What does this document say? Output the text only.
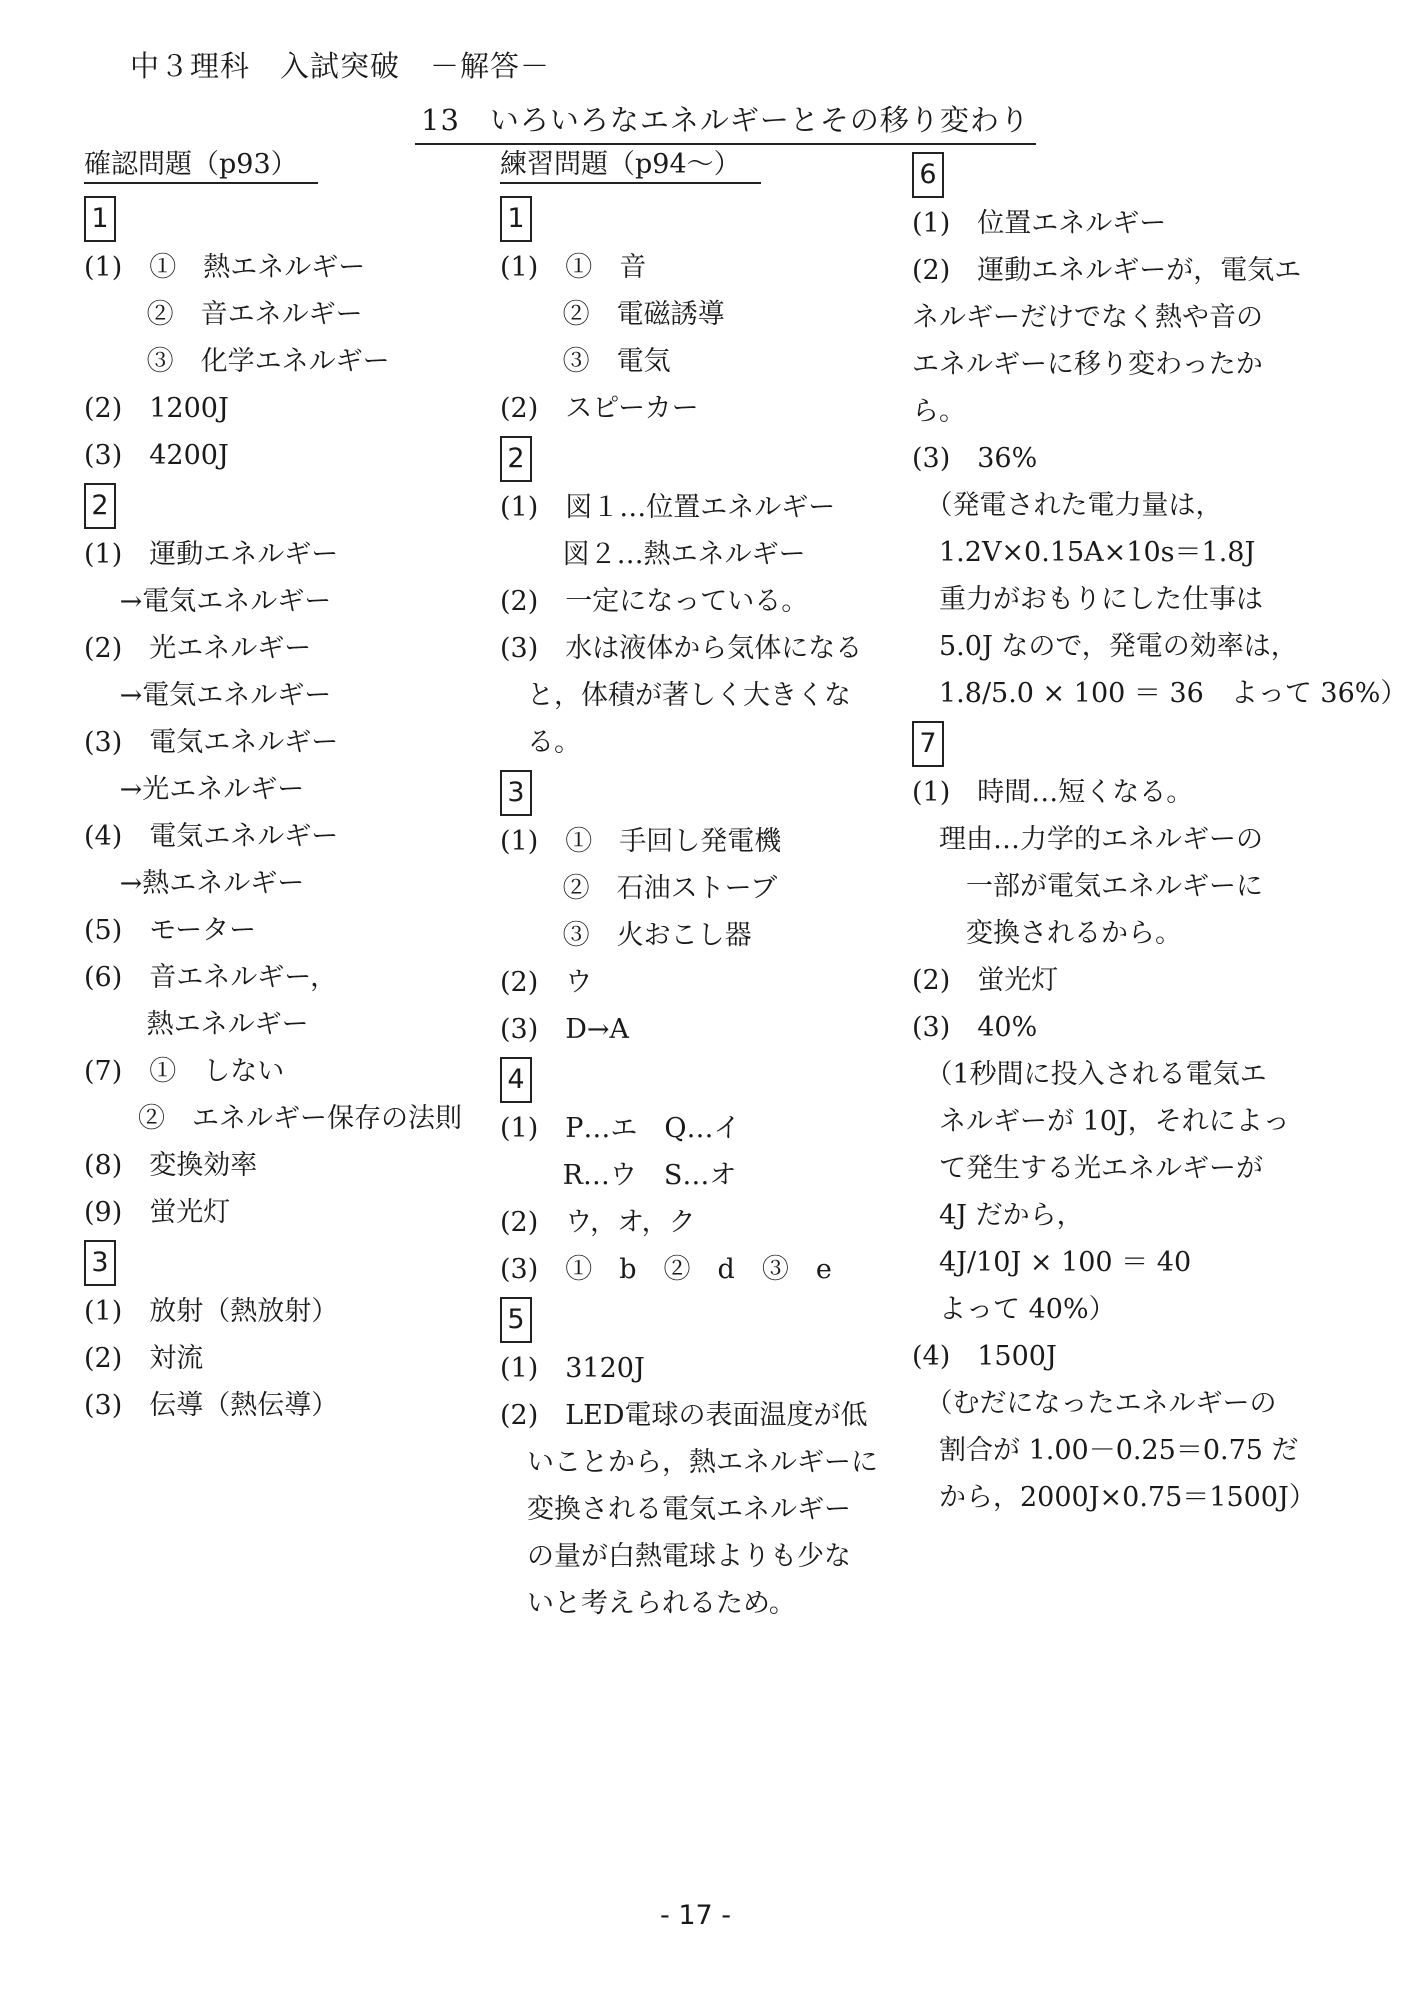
中３理科　入試突破　－解答－
13　いろいろなエネルギーとその移り変わり
確認問題（p93）
1
(1)　①　熱エネルギー
　　 ②　音エネルギー
　　 ③　化学エネルギー
(2)　1200J
(3)　4200J
2
(1)　運動エネルギー
　 →電気エネルギー
(2)　光エネルギー
　 →電気エネルギー
(3)　電気エネルギー
　 →光エネルギー
(4)　電気エネルギー
　 →熱エネルギー
(5)　モーター
(6)　音エネルギー，
　　 熱エネルギー
(7)　①　しない
　　②　エネルギー保存の法則
(8)　変換効率
(9)　蛍光灯
3
(1)　放射（熱放射）
(2)　対流
(3)　伝導（熱伝導）
練習問題（p94～）
1
(1)　①　音
　　 ②　電磁誘導
　　 ③　電気
(2)　スピーカー
2
(1)　図１…位置エネルギー
　　 図２…熱エネルギー
(2)　一定になっている。
(3)　水は液体から気体になる
　と，体積が著しく大きくな
　る。
3
(1)　①　手回し発電機
　　 ②　石油ストーブ
　　 ③　火おこし器
(2)　ウ
(3)　D→A
4
(1)　P…エ　Q…イ
　　 R…ウ　S…オ
(2)　ウ，オ，ク
(3)　①　b　②　d　③　e
5
(1)　3120J
(2)　LED電球の表面温度が低
　いことから，熱エネルギーに
　変換される電気エネルギー
　の量が白熱電球よりも少な
　いと考えられるため。
6
(1)　位置エネルギー
(2)　運動エネルギーが，電気エ
ネルギーだけでなく熱や音の
エネルギーに移り変わったか
ら。
(3)　36%
　（発電された電力量は，
　1.2V×0.15A×10s＝1.8J
　重力がおもりにした仕事は
　5.0J なので，発電の効率は，
　1.8/5.0 × 100 ＝ 36　よって 36%）
7
(1)　時間…短くなる。
　理由…力学的エネルギーの
　　一部が電気エネルギーに
　　変換されるから。
(2)　蛍光灯
(3)　40%
　（1秒間に投入される電気エ
　ネルギーが 10J，それによっ
　て発生する光エネルギーが
　4J だから，
　4J/10J × 100 ＝ 40
　よって 40%）
(4)　1500J
　（むだになったエネルギーの
　割合が 1.00－0.25＝0.75 だ
　から，2000J×0.75＝1500J）
- 17 -
